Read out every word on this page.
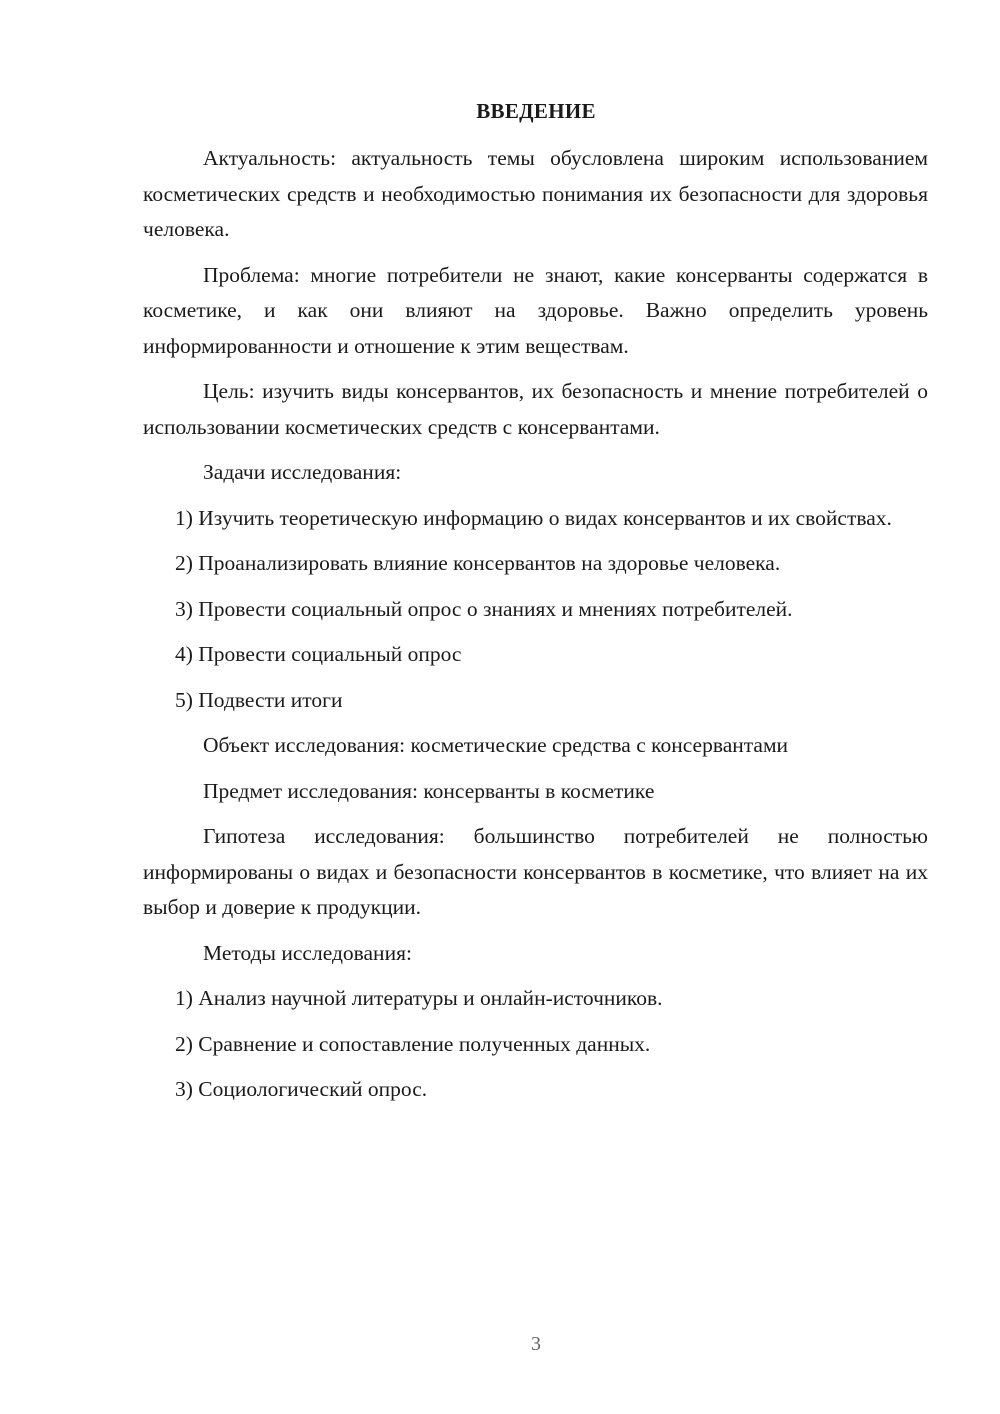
ВВЕДЕНИЕ

Актуальность: актуальность темы обусловлена широким использованием косметических средств и необходимостью понимания их безопасности для здоровья человека.

Проблема: многие потребители не знают, какие консерванты содержатся в косметике, и как они влияют на здоровье. Важно определить уровень информированности и отношение к этим веществам.

Цель: изучить виды консервантов, их безопасность и мнение потребителей о использовании косметических средств с консервантами.

Задачи исследования:

1) Изучить теоретическую информацию о видах консервантов и их свойствах.

2) Проанализировать влияние консервантов на здоровье человека.

3) Провести социальный опрос о знаниях и мнениях потребителей.

4) Провести социальный опрос

5) Подвести итоги

Объект исследования: косметические средства с консервантами

Предмет исследования: консерванты в косметике

Гипотеза исследования: большинство потребителей не полностью информированы о видах и безопасности консервантов в косметике, что влияет на их выбор и доверие к продукции.

Методы исследования:

1) Анализ научной литературы и онлайн-источников.

2) Сравнение и сопоставление полученных данных.

3) Социологический опрос.

3
